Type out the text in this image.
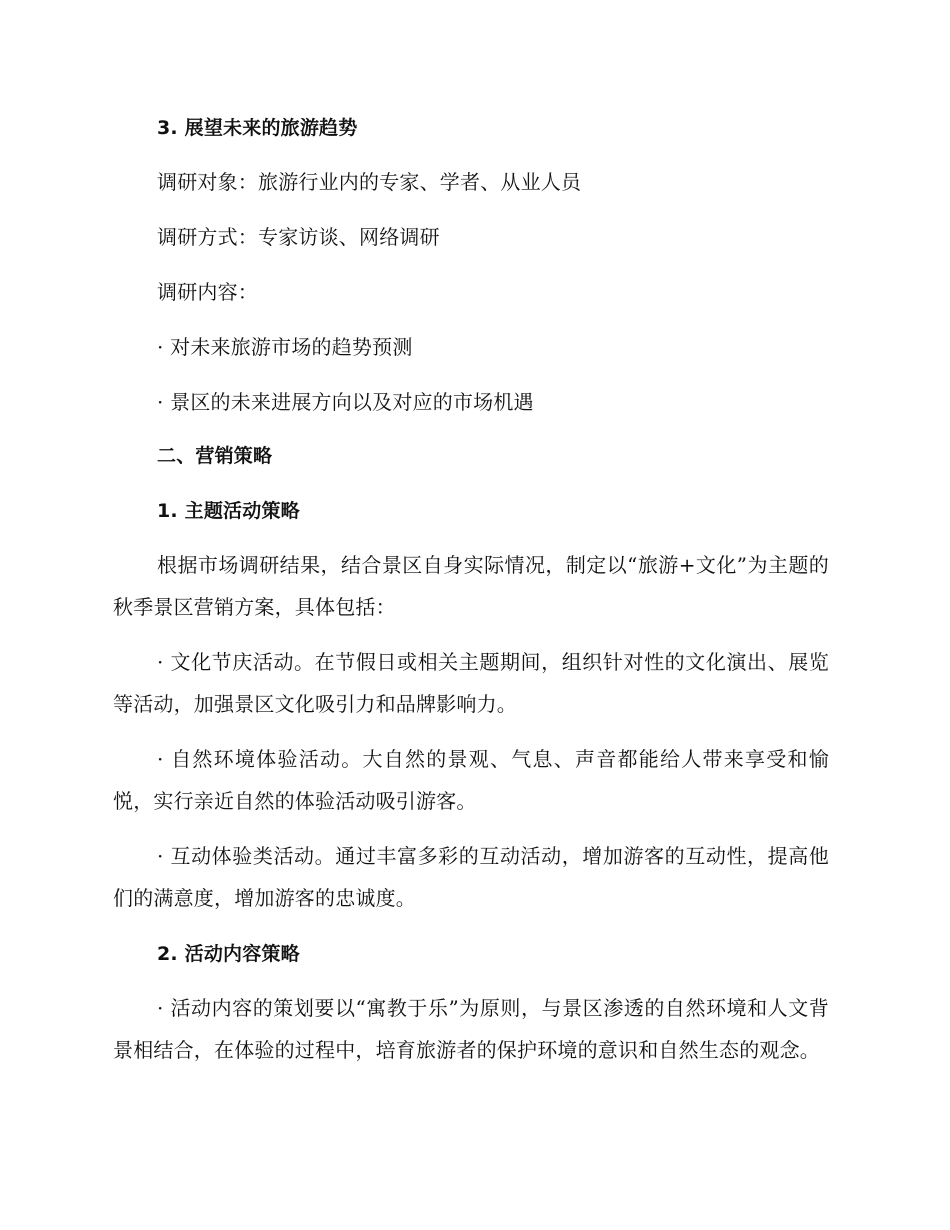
3. 展望未来的旅游趋势
调研对象：旅游行业内的专家、学者、从业人员
调研方式：专家访谈、网络调研
调研内容：
· 对未来旅游市场的趋势预测
· 景区的未来进展方向以及对应的市场机遇
二、营销策略
1. 主题活动策略
根据市场调研结果，结合景区自身实际情况，制定以“旅游+文化”为主题的秋季景区营销方案，具体包括：
· 文化节庆活动。在节假日或相关主题期间，组织针对性的文化演出、展览等活动，加强景区文化吸引力和品牌影响力。
· 自然环境体验活动。大自然的景观、气息、声音都能给人带来享受和愉悦，实行亲近自然的体验活动吸引游客。
· 互动体验类活动。通过丰富多彩的互动活动，增加游客的互动性，提高他们的满意度，增加游客的忠诚度。
2. 活动内容策略
· 活动内容的策划要以“寓教于乐”为原则，与景区渗透的自然环境和人文背景相结合，在体验的过程中，培育旅游者的保护环境的意识和自然生态的观念。
